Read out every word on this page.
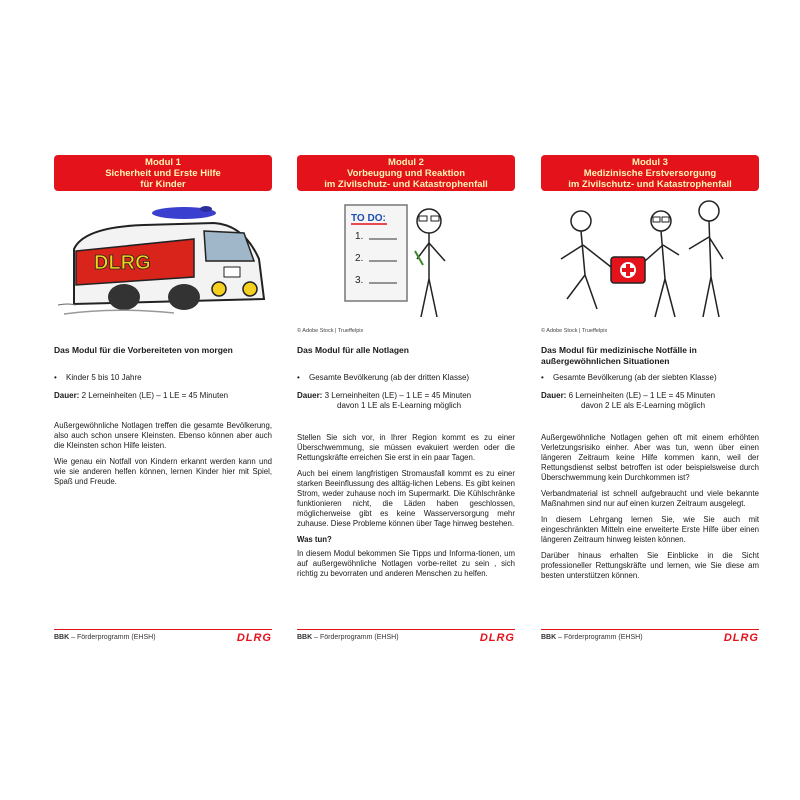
Modul 1
Sicherheit und Erste Hilfe
für Kinder
DLRG
Das Modul für die Vorbereiteten von morgen
• Kinder 5 bis 10 Jahre
Dauer: 2 Lerneinheiten (LE) – 1 LE = 45 Minuten

Außergewöhnliche Notlagen treffen die gesamte Bevölkerung, also auch schon unsere Kleinsten. Ebenso können aber auch die Kleinsten schon Hilfe leisten.

Wie genau ein Notfall von Kindern erkannt werden kann und wie sie anderen helfen können, lernen Kinder hier mit Spiel, Spaß und Freude.

BBK – Förderprogramm (EHSH)	DLRG
Modul 2
Vorbeugung und Reaktion
im Zivilschutz- und Katastrophenfall
TO DO:
1.
2.
3.
© Adobe Stock | Trueffelpix
Das Modul für alle Notlagen
• Gesamte Bevölkerung (ab der dritten Klasse)
Dauer: 3 Lerneinheiten (LE) – 1 LE = 45 Minuten
davon 1 LE als E-Learning möglich

Stellen Sie sich vor, in Ihrer Region kommt es zu einer Überschwemmung, sie müssen evakuiert werden oder die Rettungskräfte erreichen Sie erst in ein paar Tagen.

Auch bei einem langfristigen Stromausfall kommt es zu einer starken Beeinflussung des alltäg-lichen Lebens. Es gibt keinen Strom, weder zuhause noch im Supermarkt. Die Kühlschränke funktionieren nicht, die Läden haben geschlossen, möglicherweise gibt es keine Wasserversorgung mehr zuhause. Diese Probleme können über Tage hinweg bestehen.

Was tun?

In diesem Modul bekommen Sie Tipps und Informa-tionen, um auf außergewöhnliche Notlagen vorbe-reitet zu sein , sich richtig zu bevorraten und anderen Menschen zu helfen.

BBK – Förderprogramm (EHSH)	DLRG
Modul 3
Medizinische Erstversorgung
im Zivilschutz- und Katastrophenfall
© Adobe Stock | Trueffelpix
Das Modul für medizinische Notfälle in außergewöhnlichen Situationen
• Gesamte Bevölkerung (ab der siebten Klasse)
Dauer: 6 Lerneinheiten (LE) – 1 LE = 45 Minuten
davon 2 LE als E-Learning möglich

Außergewöhnliche Notlagen gehen oft mit einem erhöhten Verletzungsrisiko einher. Aber was tun, wenn über einen längeren Zeitraum keine Hilfe kommen kann, weil der Rettungsdienst selbst betroffen ist oder beispielsweise durch Überschwemmung kein Durchkommen ist?

Verbandmaterial ist schnell aufgebraucht und viele bekannte Maßnahmen sind nur auf einen kurzen Zeitraum ausgelegt.

In diesem Lehrgang lernen Sie, wie Sie auch mit eingeschränkten Mitteln eine erweiterte Erste Hilfe über einen längeren Zeitraum hinweg leisten können.

Darüber hinaus erhalten Sie Einblicke in die Sicht professioneller Rettungskräfte und lernen, wie Sie diese am besten unterstützen können.

BBK – Förderprogramm (EHSH)	DLRG
